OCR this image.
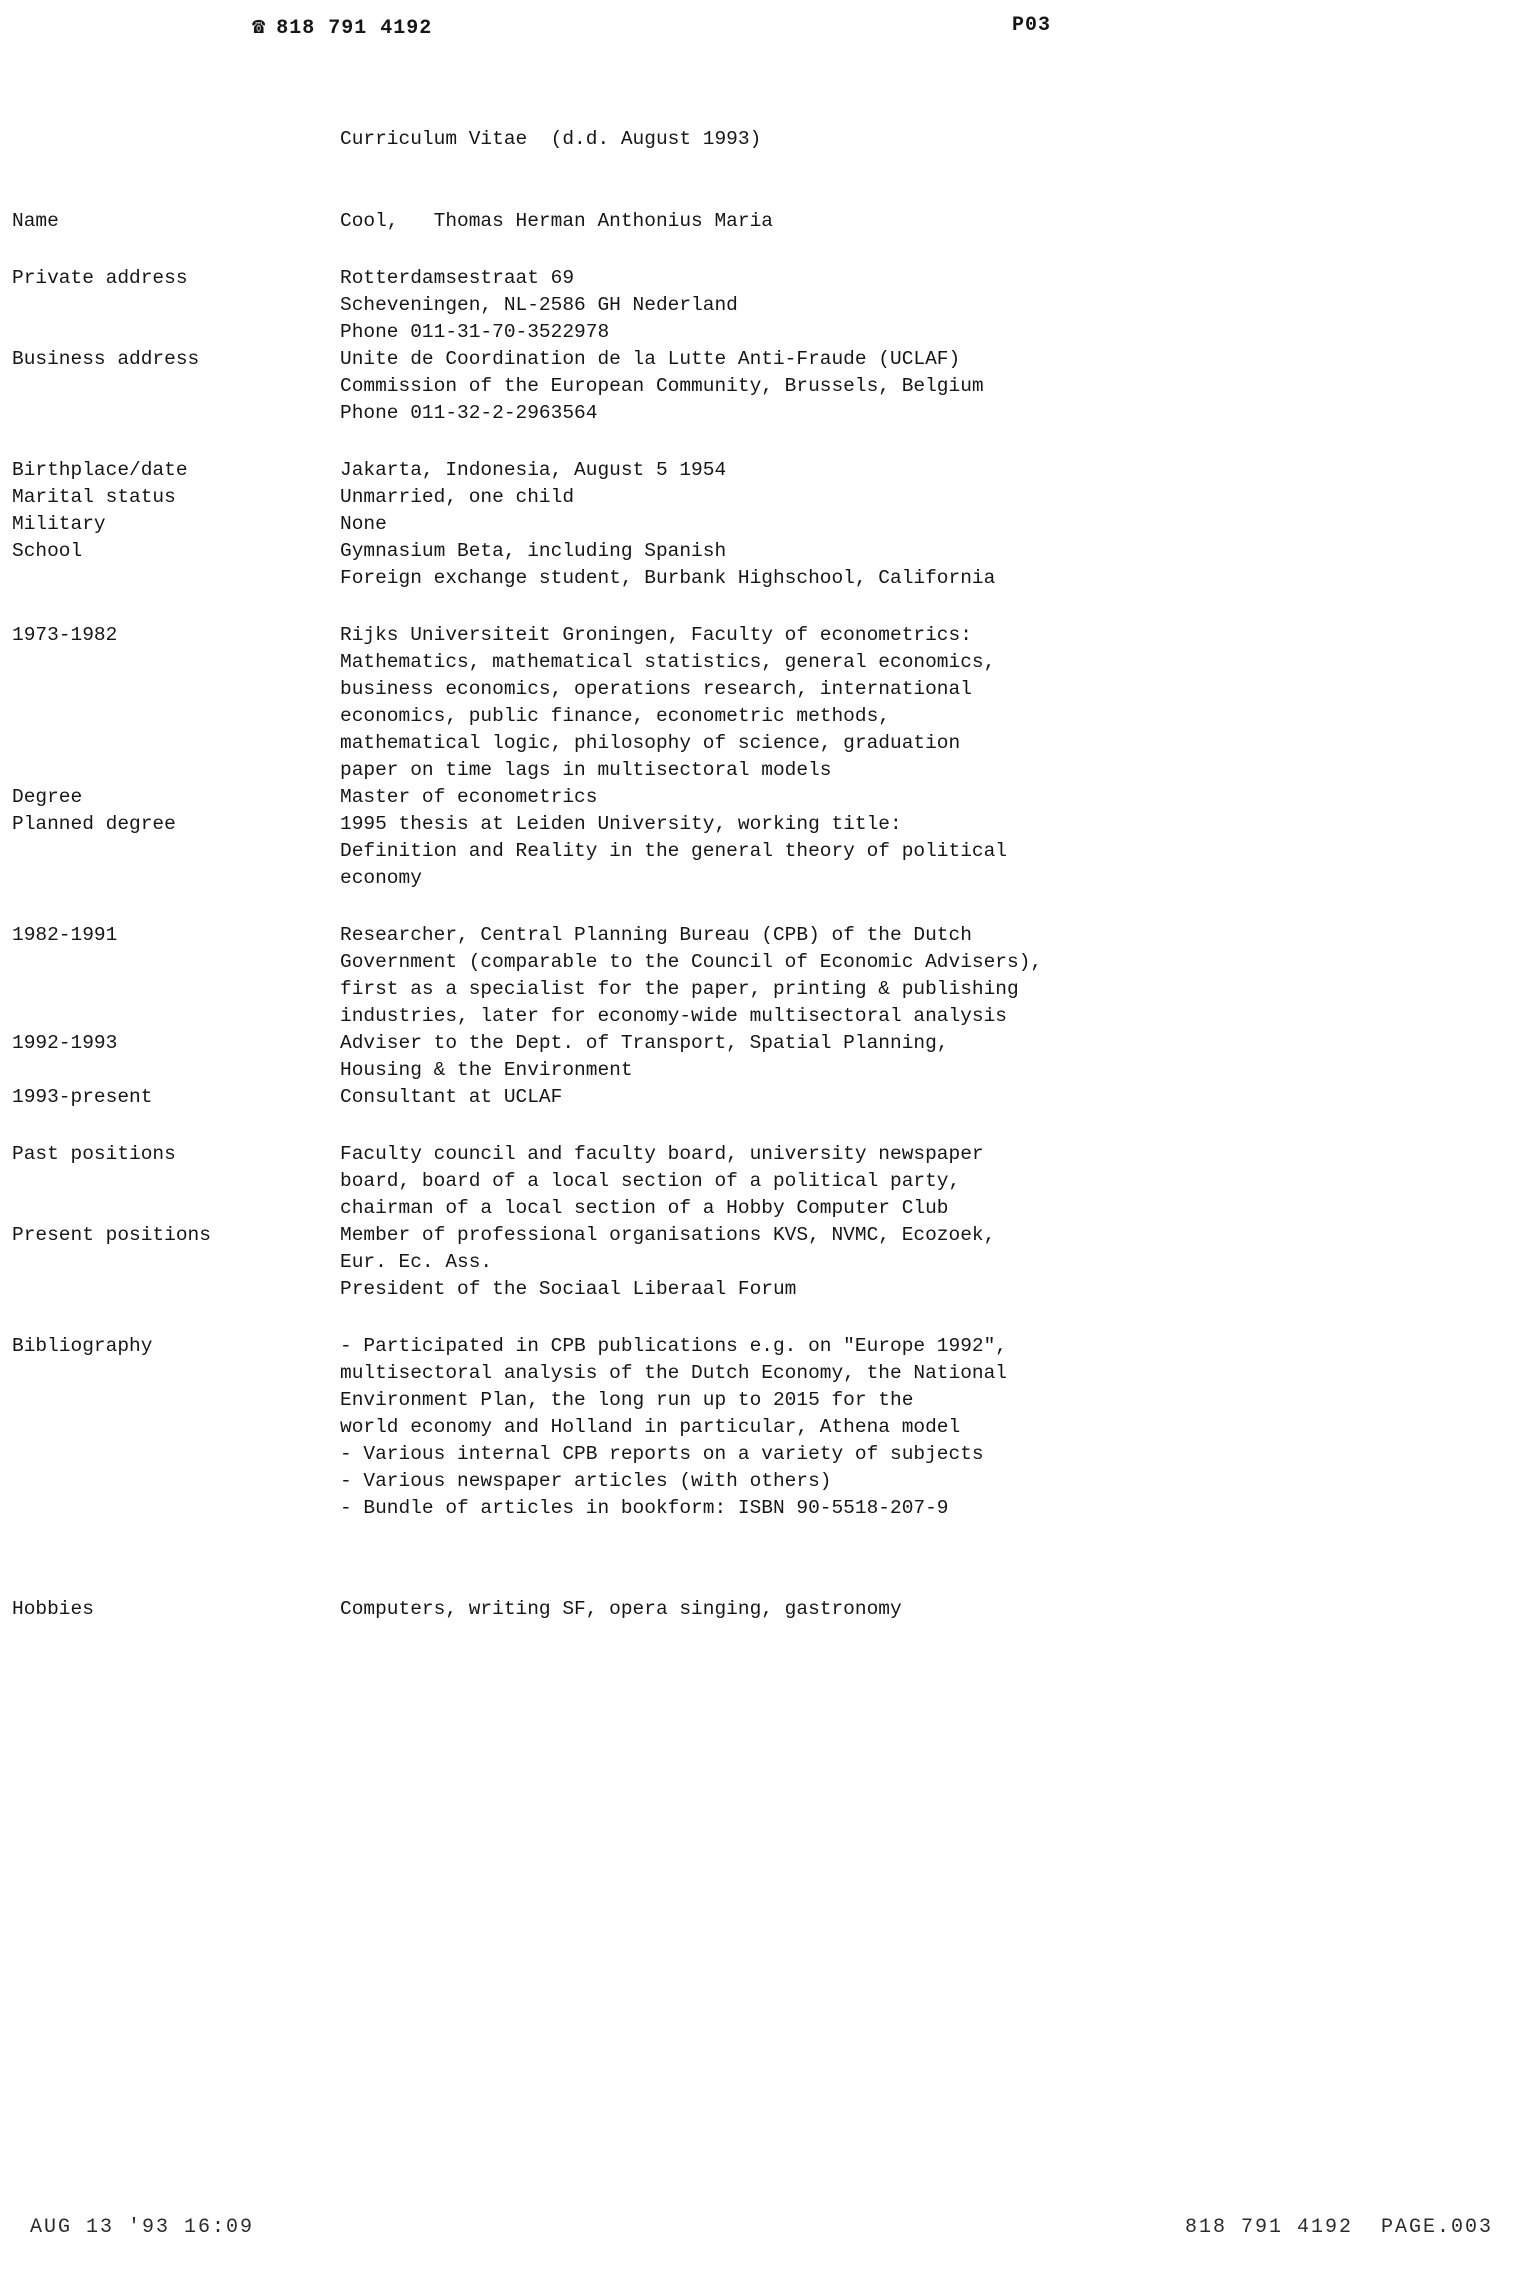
☎ 818 791 4192

	P03

Curriculum Vitae  (d.d. August 1993)
Name	Cool,   Thomas Herman Anthonius Maria
Private address	Rotterdamsestraat 69
Scheveningen, NL-2586 GH Nederland
Phone 011-31-70-3522978
Business address	Unite de Coordination de la Lutte Anti-Fraude (UCLAF)
Commission of the European Community, Brussels, Belgium
Phone 011-32-2-2963564
Birthplace/date	Jakarta, Indonesia, August 5 1954
Marital status	Unmarried, one child
Military	None
School	Gymnasium Beta, including Spanish
Foreign exchange student, Burbank Highschool, California
1973-1982	Rijks Universiteit Groningen, Faculty of econometrics:
Mathematics, mathematical statistics, general economics,
business economics, operations research, international
economics, public finance, econometric methods,
mathematical logic, philosophy of science, graduation
paper on time lags in multisectoral models
Degree	Master of econometrics
Planned degree	1995 thesis at Leiden University, working title:
Definition and Reality in the general theory of political
economy
1982-1991	Researcher, Central Planning Bureau (CPB) of the Dutch
Government (comparable to the Council of Economic Advisers),
first as a specialist for the paper, printing & publishing
industries, later for economy-wide multisectoral analysis
1992-1993	Adviser to the Dept. of Transport, Spatial Planning,
Housing & the Environment
1993-present	Consultant at UCLAF
Past positions	Faculty council and faculty board, university newspaper
board, board of a local section of a political party,
chairman of a local section of a Hobby Computer Club
Present positions	Member of professional organisations KVS, NVMC, Ecozoek,
Eur. Ec. Ass.
President of the Sociaal Liberaal Forum
Bibliography	- Participated in CPB publications e.g. on "Europe 1992",
multisectoral analysis of the Dutch Economy, the National
Environment Plan, the long run up to 2015 for the
world economy and Holland in particular, Athena model
- Various internal CPB reports on a variety of subjects
- Various newspaper articles (with others)
- Bundle of articles in bookform: ISBN 90-5518-207-9
Hobbies	Computers, writing SF, opera singing, gastronomy
AUG 13 '93 16:09	818 791 4192  PAGE.003
